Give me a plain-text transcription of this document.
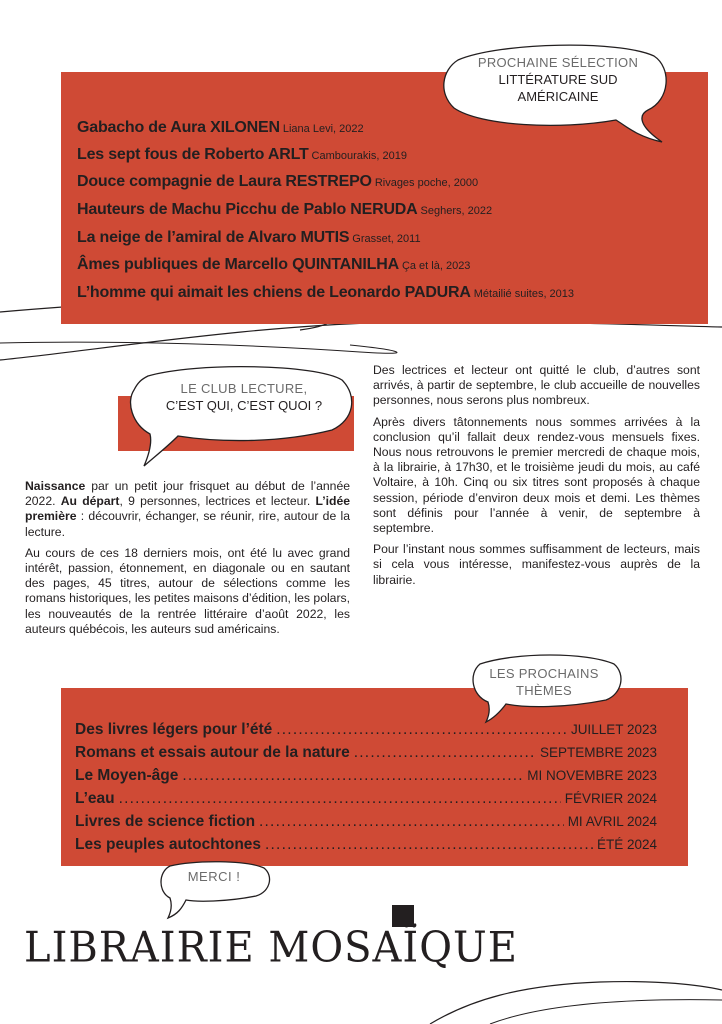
PROCHAINE SÉLECTION
LITTÉRATURE SUD
AMÉRICAINE
Gabacho de Aura XILONEN Liana Levi, 2022
Les sept fous de Roberto ARLT Cambourakis, 2019
Douce compagnie de Laura RESTREPO Rivages poche, 2000
Hauteurs de Machu Picchu de Pablo NERUDA Seghers, 2022
La neige de l’amiral de Alvaro MUTIS Grasset, 2011
Âmes publiques de Marcello QUINTANILHA Ça et là, 2023
L’homme qui aimait les chiens de Leonardo PADURA Métailié suites, 2013
LE CLUB LECTURE,
C’EST QUI, C’EST QUOI ?

Naissance par un petit jour frisquet au début de l’année 2022. Au départ, 9 personnes, lectrices et lecteur. L’idée première : découvrir, échanger, se réunir, rire, autour de la lecture.

Au cours de ces 18 derniers mois, ont été lu avec grand intérêt, passion, étonnement, en diagonale ou en sautant des pages, 45 titres, autour de sélections comme les romans historiques, les petites maisons d’édition, les polars, les nouveautés de la rentrée littéraire d’août 2022, les auteurs québécois, les auteurs sud américains.

Des lectrices et lecteur ont quitté le club, d’autres sont arrivés, à partir de septembre, le club accueille de nouvelles personnes, nous serons plus nombreux.

Après divers tâtonnements nous sommes arrivées à la conclusion qu’il fallait deux rendez-vous mensuels fixes. Nous nous retrouvons le premier mercredi de chaque mois, à la librairie, à 17h30, et le troisième jeudi du mois, au café Voltaire, à 10h. Cinq ou six titres sont proposés à chaque session, période d’environ deux mois et demi. Les thèmes sont définis pour l’année à venir, de septembre à septembre.

Pour l’instant nous sommes suffisamment de lecteurs, mais si cela vous intéresse, manifestez-vous auprès de la librairie.

LES PROCHAINS
THÈMES
Des livres légers pour l’été .....	JUILLET 2023
Romans et essais autour de la nature .....	SEPTEMBRE 2023
Le Moyen-âge .....	MI NOVEMBRE 2023
L’eau .....	FÉVRIER 2024
Livres de science fiction .....	MI AVRIL 2024
Les peuples autochtones .....	ÉTÉ 2024
MERCI !
LIBRAIRIE MOSAÏQUE
